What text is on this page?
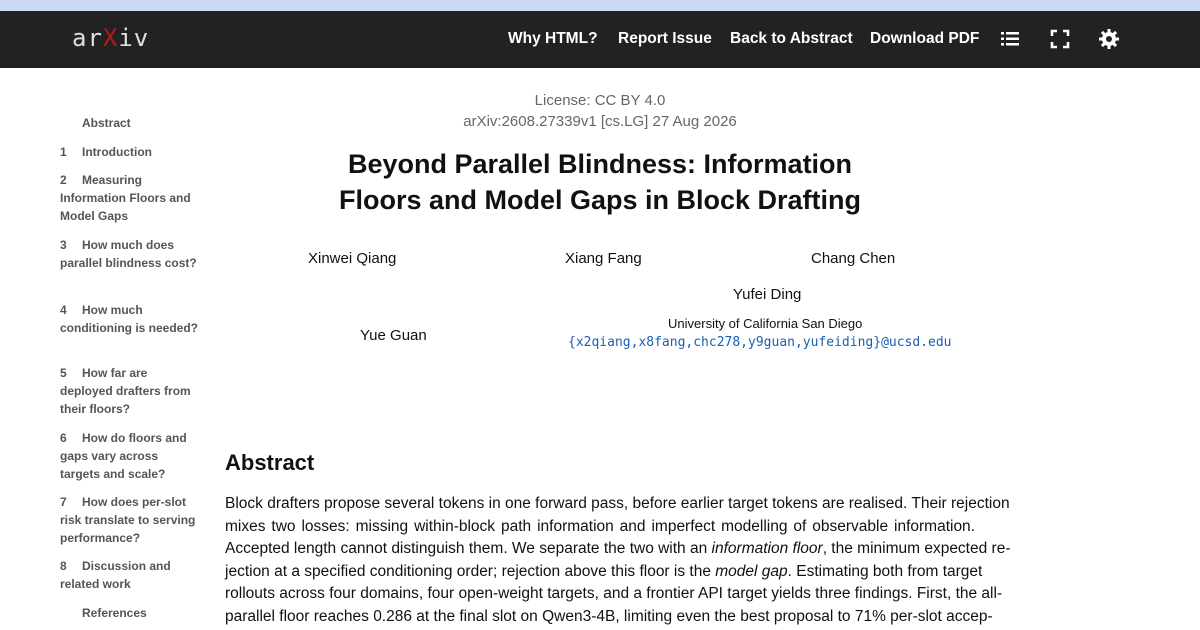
arXiv	Why HTML? Report Issue Back to Abstract Download PDF
Abstract
1 Introduction
2 Measuring Information Floors and Model Gaps
3 How much does parallel blindness cost?
4 How much conditioning is needed?
5 How far are deployed drafters from their floors?
6 How do floors and gaps vary across targets and scale?
7 How does per-slot risk translate to serving performance?
8 Discussion and related work
References
License: CC BY 4.0
arXiv:2608.27339v1 [cs.LG] 27 Aug 2026
Beyond Parallel Blindness: Information
Floors and Model Gaps in Block Drafting
Xinwei Qiang	Xiang Fang	Chang Chen
Yufei Ding
Yue Guan
University of California San Diego
{x2qiang,x8fang,chc278,y9guan,yufeiding}@ucsd.edu
Abstract
Block drafters propose several tokens in one forward pass, before earlier target tokens are realised. Their rejection
mixes two losses: missing within-block path information and imperfect modelling of observable information.
Accepted length cannot distinguish them. We separate the two with an information floor, the minimum expected re-
jection at a specified conditioning order; rejection above this floor is the model gap. Estimating both from target
rollouts across four domains, four open-weight targets, and a frontier API target yields three findings. First, the all-
parallel floor reaches 0.286 at the final slot on Qwen3-4B, limiting even the best proposal to 71% per-slot accep-
